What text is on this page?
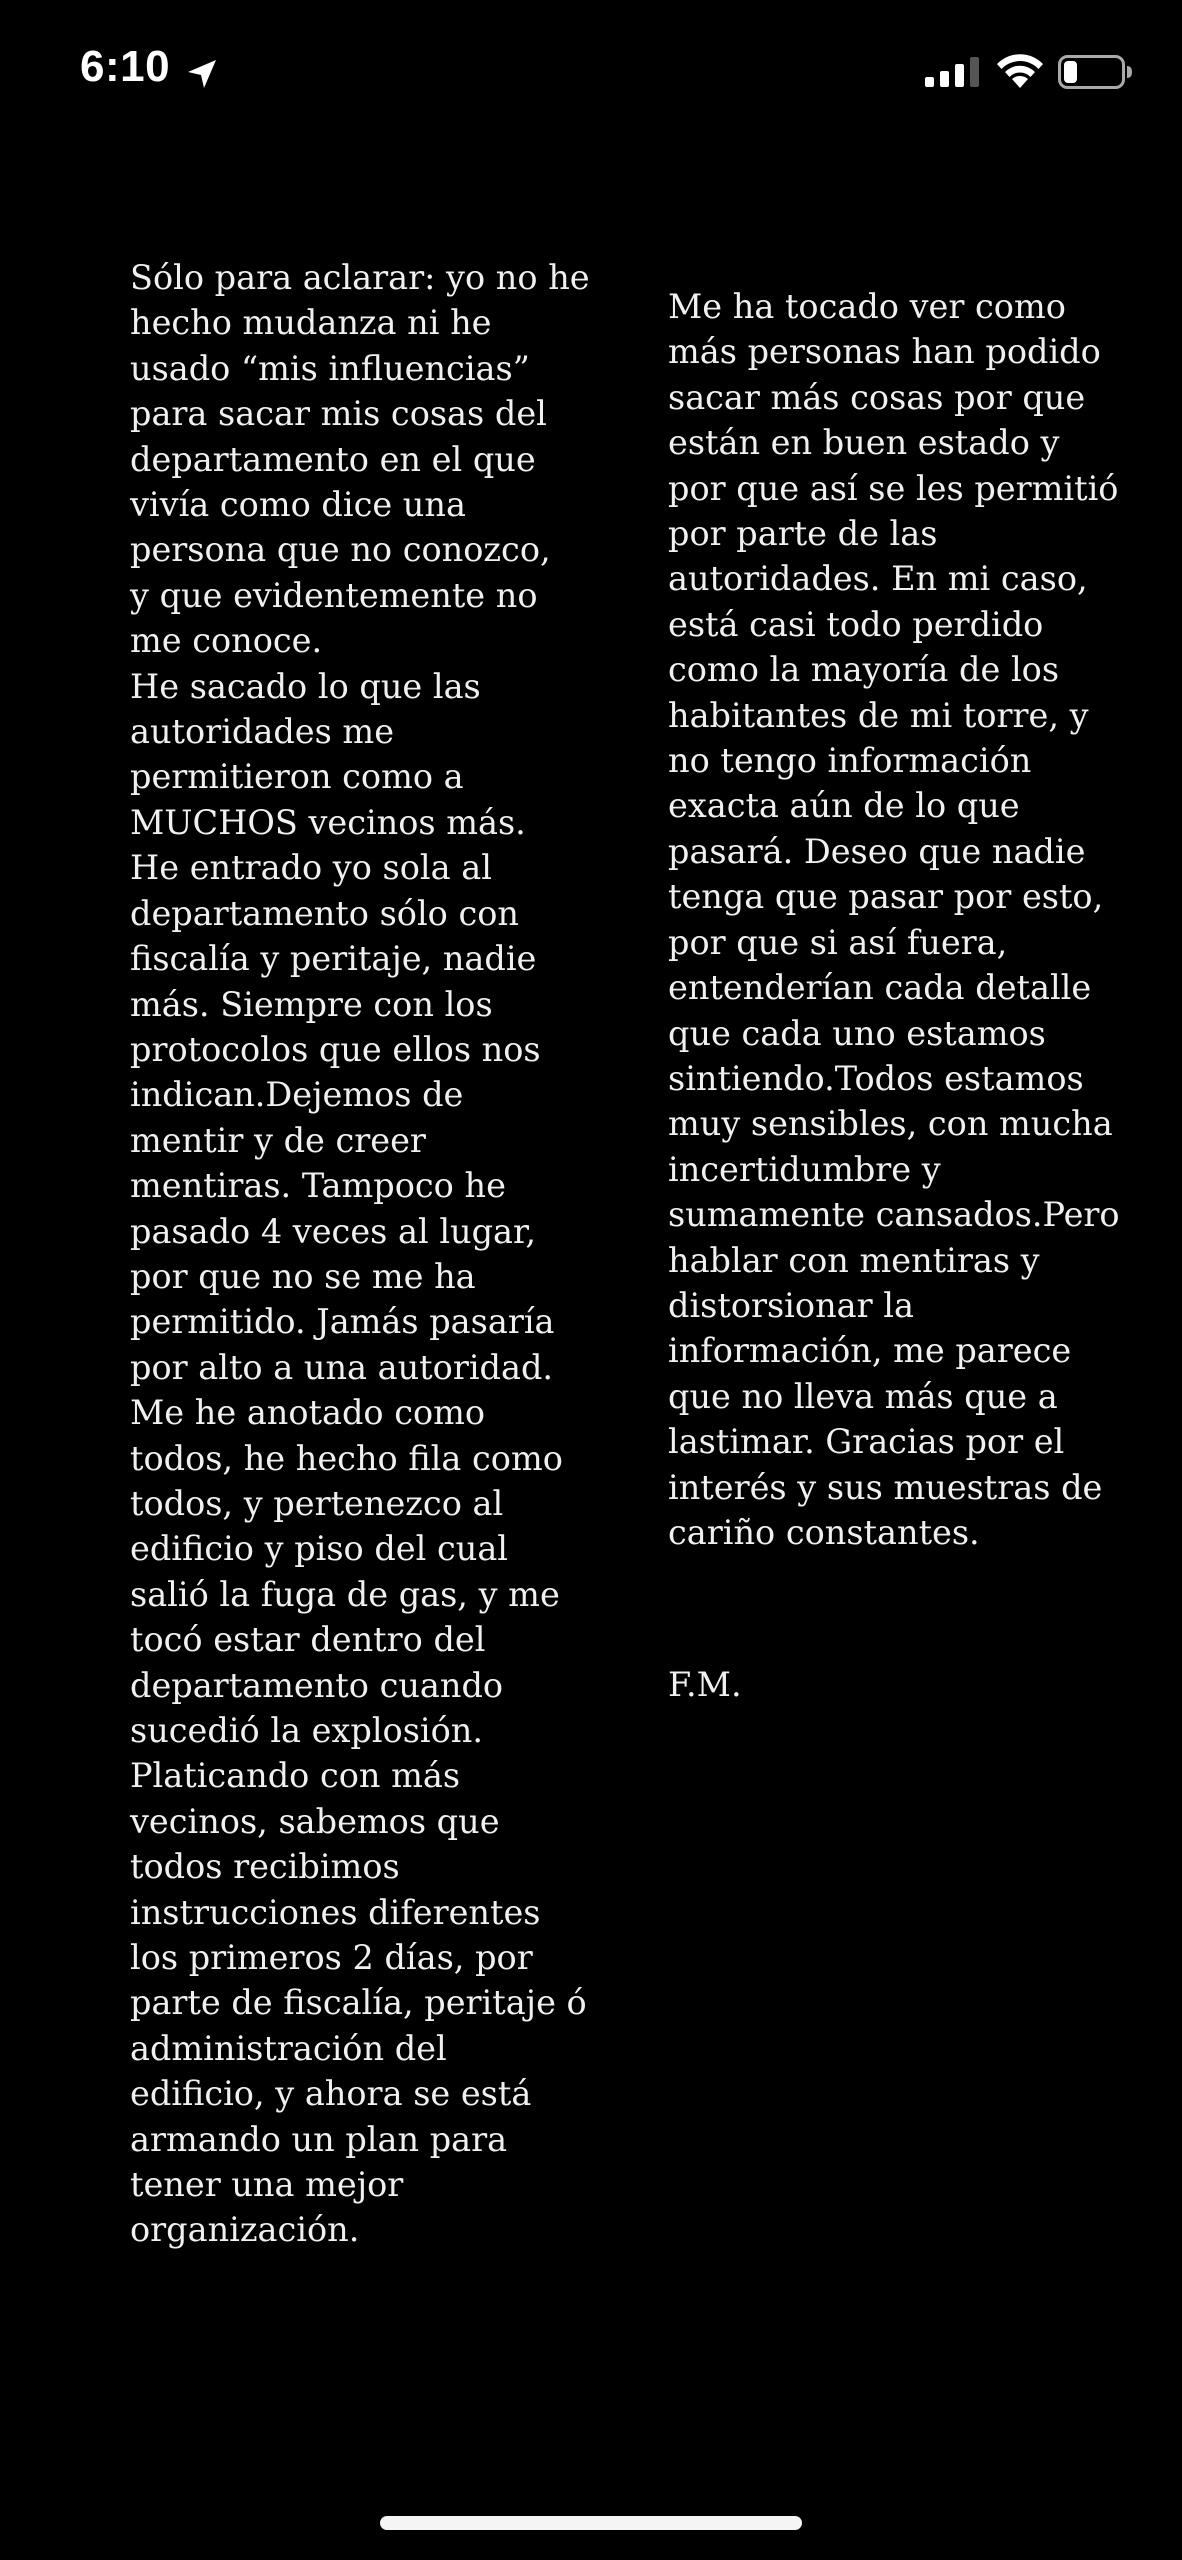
6:10
Sólo para aclarar: yo no he
hecho mudanza ni he
usado “mis influencias”
para sacar mis cosas del
departamento en el que
vivía como dice una
persona que no conozco,
y que evidentemente no
me conoce.
He sacado lo que las
autoridades me
permitieron como a
MUCHOS vecinos más.
He entrado yo sola al
departamento sólo con
fiscalía y peritaje, nadie
más. Siempre con los
protocolos que ellos nos
indican.Dejemos de
mentir y de creer
mentiras. Tampoco he
pasado 4 veces al lugar,
por que no se me ha
permitido. Jamás pasaría
por alto a una autoridad.
Me he anotado como
todos, he hecho fila como
todos, y pertenezco al
edificio y piso del cual
salió la fuga de gas, y me
tocó estar dentro del
departamento cuando
sucedió la explosión.
Platicando con más
vecinos, sabemos que
todos recibimos
instrucciones diferentes
los primeros 2 días, por
parte de fiscalía, peritaje ó
administración del
edificio, y ahora se está
armando un plan para
tener una mejor
organización.
Me ha tocado ver como
más personas han podido
sacar más cosas por que
están en buen estado y
por que así se les permitió
por parte de las
autoridades. En mi caso,
está casi todo perdido
como la mayoría de los
habitantes de mi torre, y
no tengo información
exacta aún de lo que
pasará. Deseo que nadie
tenga que pasar por esto,
por que si así fuera,
entenderían cada detalle
que cada uno estamos
sintiendo.Todos estamos
muy sensibles, con mucha
incertidumbre y
sumamente cansados.Pero
hablar con mentiras y
distorsionar la
información, me parece
que no lleva más que a
lastimar. Gracias por el
interés y sus muestras de
cariño constantes.
F.M.
